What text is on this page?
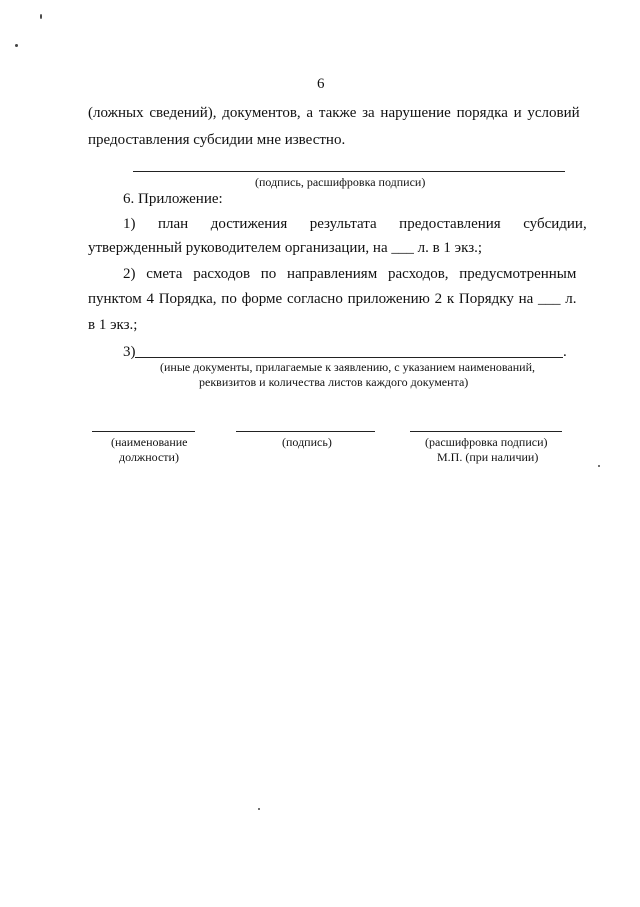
6
(ложных сведений), документов, а также за нарушение порядка и условий
предоставления субсидии мне известно.
(подпись, расшифровка подписи)
6. Приложение:
1)      план      достижения      результата      предоставления      субсидии,
утвержденный руководителем организации, на ___ л. в 1 экз.;
2) смета расходов по направлениям расходов, предусмотренным
пунктом 4 Порядка, по форме согласно приложению 2 к Порядку на ___ л.
в 1 экз.;
3)	.
(иные документы, прилагаемые к заявлению, с указанием наименований,
реквизитов и количества листов каждого документа)
(наименование
должности)
(подпись)	(расшифровка подписи)
М.П. (при наличии)
